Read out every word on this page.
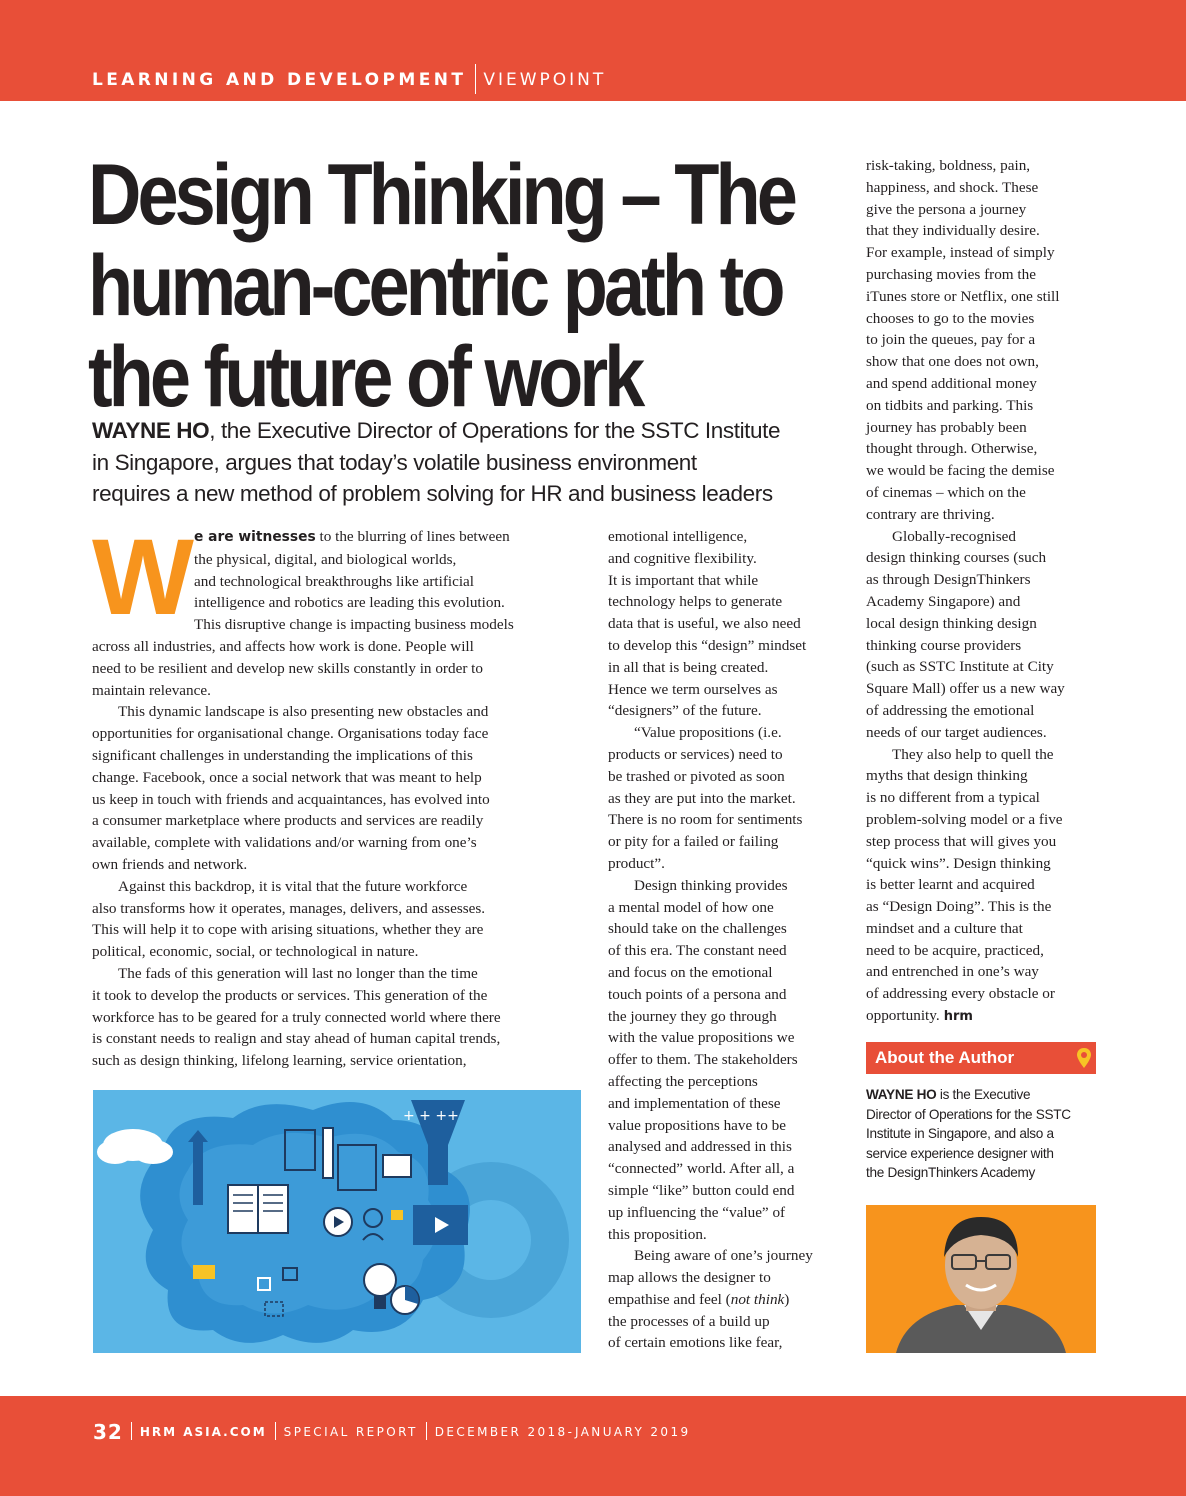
LEARNING AND DEVELOPMENT VIEWPOINT
Design Thinking – The
human-centric path to
the future of work
WAYNE HO, the Executive Director of Operations for the SSTC Institute
in Singapore, argues that today’s volatile business environment
requires a new method of problem solving for HR and business leaders
W e are witnesses to the blurring of lines between
the physical, digital, and biological worlds,
and technological breakthroughs like artificial
intelligence and robotics are leading this evolution.
This disruptive change is impacting business models
across all industries, and affects how work is done. People will
need to be resilient and develop new skills constantly in order to
maintain relevance.

This dynamic landscape is also presenting new obstacles and
opportunities for organisational change. Organisations today face
significant challenges in understanding the implications of this
change. Facebook, once a social network that was meant to help
us keep in touch with friends and acquaintances, has evolved into
a consumer marketplace where products and services are readily
available, complete with validations and/or warning from one’s
own friends and network.

Against this backdrop, it is vital that the future workforce
also transforms how it operates, manages, delivers, and assesses.
This will help it to cope with arising situations, whether they are
political, economic, social, or technological in nature.

The fads of this generation will last no longer than the time
it took to develop the products or services. This generation of the
workforce has to be geared for a truly connected world where there
is constant needs to realign and stay ahead of human capital trends,
such as design thinking, lifelong learning, service orientation,

+ + ++

emotional intelligence,
and cognitive flexibility.
It is important that while
technology helps to generate
data that is useful, we also need
to develop this “design” mindset
in all that is being created.
Hence we term ourselves as
“designers” of the future.

“Value propositions (i.e.
products or services) need to
be trashed or pivoted as soon
as they are put into the market.
There is no room for sentiments
or pity for a failed or failing
product”.

Design thinking provides
a mental model of how one
should take on the challenges
of this era. The constant need
and focus on the emotional
touch points of a persona and
the journey they go through
with the value propositions we
offer to them. The stakeholders
affecting the perceptions
and implementation of these
value propositions have to be
analysed and addressed in this
“connected” world. After all, a
simple “like” button could end
up influencing the “value” of
this proposition.

Being aware of one’s journey
map allows the designer to
empathise and feel (not think)
the processes of a build up
of certain emotions like fear,

risk-taking, boldness, pain,
happiness, and shock. These
give the persona a journey
that they individually desire.
For example, instead of simply
purchasing movies from the
iTunes store or Netflix, one still
chooses to go to the movies
to join the queues, pay for a
show that one does not own,
and spend additional money
on tidbits and parking. This
journey has probably been
thought through. Otherwise,
we would be facing the demise
of cinemas – which on the
contrary are thriving.

Globally-recognised
design thinking courses (such
as through DesignThinkers
Academy Singapore) and
local design thinking design
thinking course providers
(such as SSTC Institute at City
Square Mall) offer us a new way
of addressing the emotional
needs of our target audiences.

They also help to quell the
myths that design thinking
is no different from a typical
problem-solving model or a five
step process that will gives you
“quick wins”. Design thinking
is better learnt and acquired
as “Design Doing”. This is the
mindset and a culture that
need to be acquire, practiced,
and entrenched in one’s way
of addressing every obstacle or
opportunity. hrm

About the Author
WAYNE HO is the Executive
Director of Operations for the SSTC
Institute in Singapore, and also a
service experience designer with
the DesignThinkers Academy
32 HRM ASIA.COM SPECIAL REPORT DECEMBER 2018-JANUARY 2019
